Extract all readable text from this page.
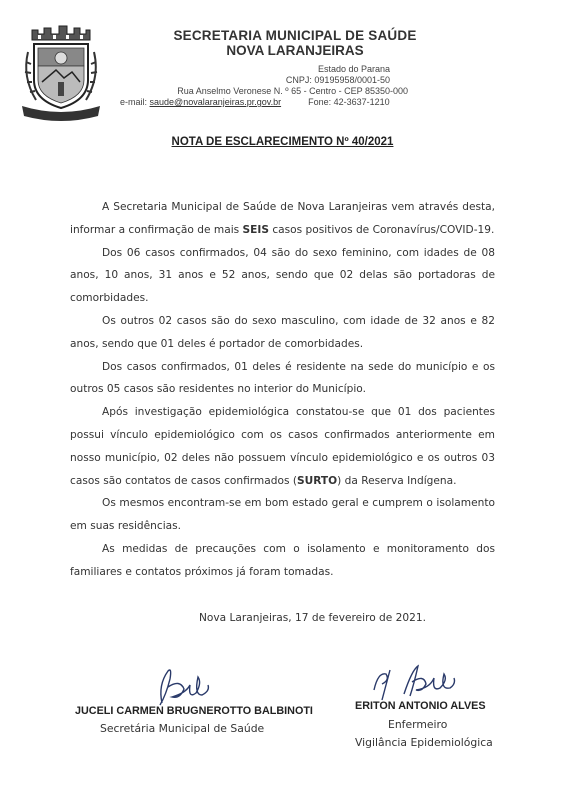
SECRETARIA MUNICIPAL DE SAÚDE
NOVA LARANJEIRAS
Estado do Parana
CNPJ: 09195958/0001-50
Rua Anselmo Veronese N. º 65 - Centro - CEP 85350-000
e-mail: saude@novalaranjeiras.pr.gov.br	Fone: 42-3637-1210
NOTA DE ESCLARECIMENTO Nº 40/2021

A Secretaria Municipal de Saúde de Nova Laranjeiras vem através desta, informar a confirmação de mais SEIS casos positivos de Coronavírus/COVID-19.

Dos 06 casos confirmados, 04 são do sexo feminino, com idades de 08 anos, 10 anos, 31 anos e 52 anos, sendo que 02 delas são portadoras de comorbidades.

Os outros 02 casos são do sexo masculino, com idade de 32 anos e 82 anos, sendo que 01 deles é portador de comorbidades.

Dos casos confirmados, 01 deles é residente na sede do município e os outros 05 casos são residentes no interior do Município.

Após investigação epidemiológica constatou-se que 01 dos pacientes possui vínculo epidemiológico com os casos confirmados anteriormente em nosso município, 02 deles não possuem vínculo epidemiológico e os outros 03 casos são contatos de casos confirmados (SURTO) da Reserva Indígena.

Os mesmos encontram-se em bom estado geral e cumprem o isolamento em suas residências.

As medidas de precauções com o isolamento e monitoramento dos familiares e contatos próximos já foram tomadas.

Nova Laranjeiras, 17 de fevereiro de 2021.
JUCELI CARMEN BRUGNEROTTO BALBINOTI
Secretária Municipal de Saúde
ERITON ANTONIO ALVES
Enfermeiro
Vigilância Epidemiológica
